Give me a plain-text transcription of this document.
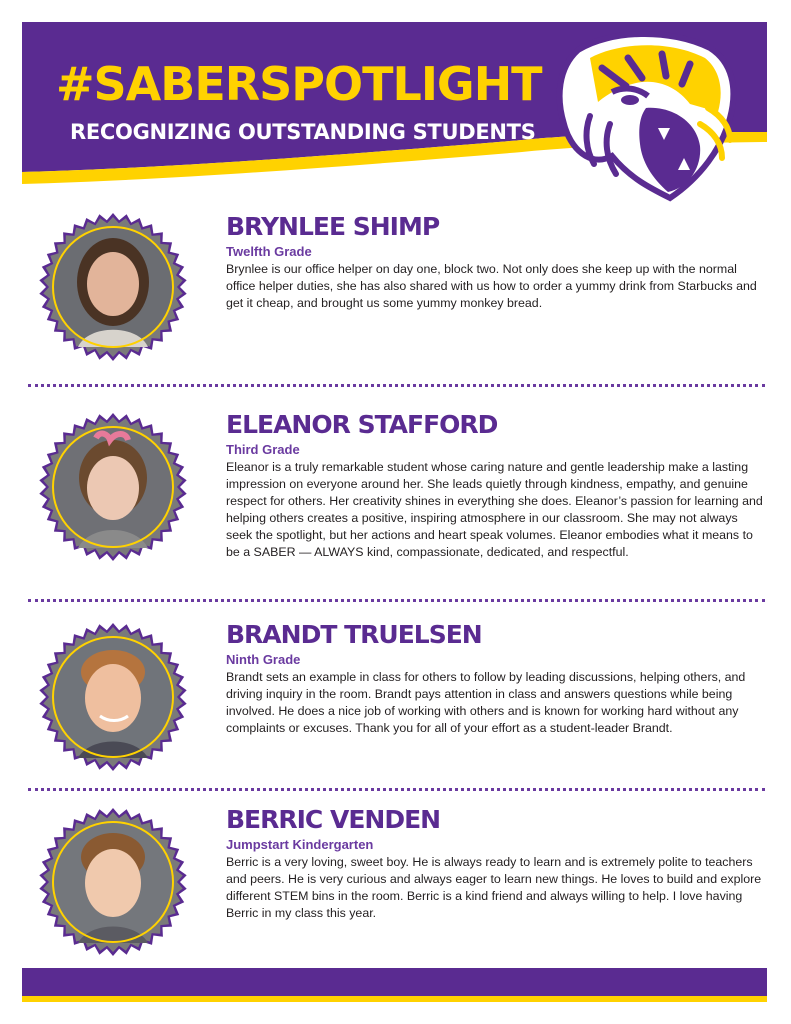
#SABERSPOTLIGHT
RECOGNIZING OUTSTANDING STUDENTS
BRYNLEE SHIMP
Twelfth Grade

Brynlee is our office helper on day one, block two. Not only does she keep up with the normal office helper duties, she has also shared with us how to order a yummy drink from Starbucks and get it cheap, and brought us some yummy monkey bread.

ELEANOR STAFFORD
Third Grade

Eleanor is a truly remarkable student whose caring nature and gentle leadership make a lasting impression on everyone around her. She leads quietly through kindness, empathy, and genuine respect for others. Her creativity shines in everything she does. Eleanor’s passion for learning and helping others creates a positive, inspiring atmosphere in our classroom. She may not always seek the spotlight, but her actions and heart speak volumes. Eleanor embodies what it means to be a SABER — ALWAYS kind, compassionate, dedicated, and respectful.

BRANDT TRUELSEN
Ninth Grade

Brandt sets an example in class for others to follow by leading discussions, helping others, and driving inquiry in the room. Brandt pays attention in class and answers questions while being involved. He does a nice job of working with others and is known for working hard without any complaints or excuses. Thank you for all of your effort as a student-leader Brandt.

BERRIC VENDEN
Jumpstart Kindergarten

Berric is a very loving, sweet boy. He is always ready to learn and is extremely polite to teachers and peers. He is very curious and always eager to learn new things. He loves to build and explore different STEM bins in the room. Berric is a kind friend and always willing to help. I love having Berric in my class this year.
